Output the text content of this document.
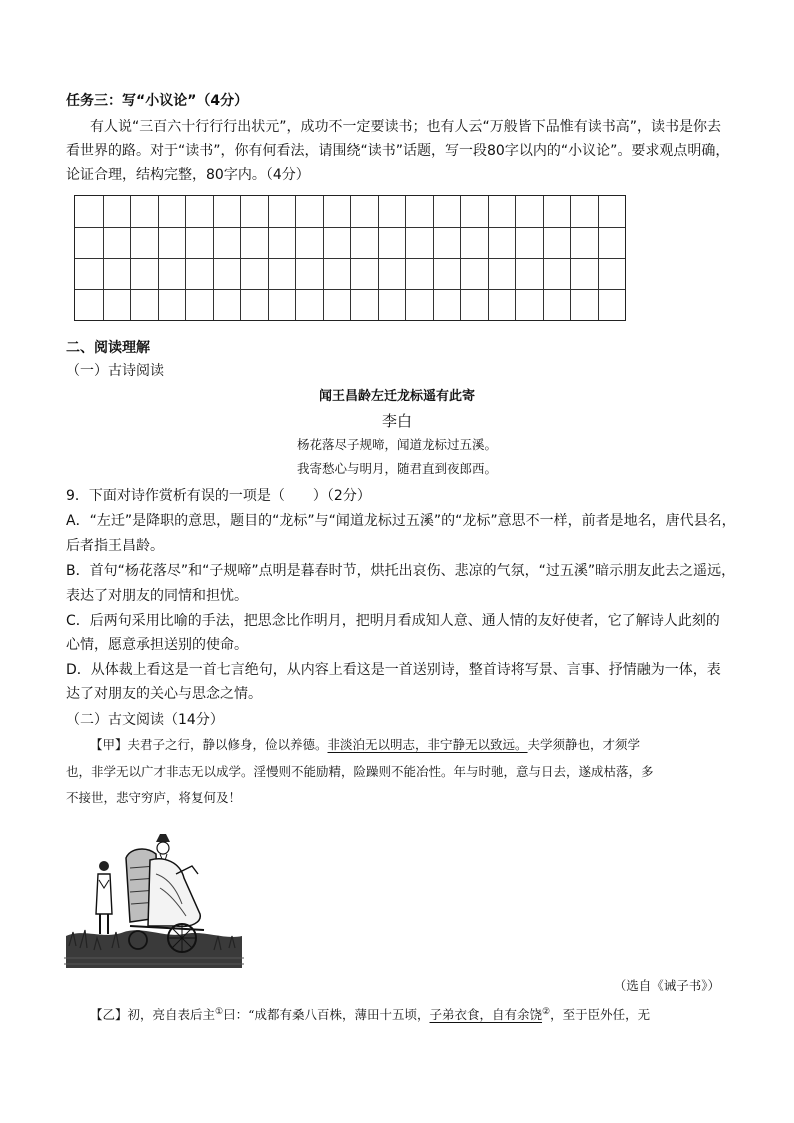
任务三：写“小议论”（4分）
有人说“三百六十行行行出状元”，成功不一定要读书；也有人云“万般皆下品惟有读书高”，读书是你去
看世界的路。对于“读书”，你有何看法，请围绕“读书”话题，写一段80字以内的“小议论”。要求观点明确，
论证合理，结构完整，80字内。（4分）
二、阅读理解
（一）古诗阅读
闻王昌龄左迁龙标遥有此寄
李白
杨花落尽子规啼，闻道龙标过五溪。
我寄愁心与明月，随君直到夜郎西。
9．下面对诗作赏析有误的一项是（　　）（2分）
A．“左迁”是降职的意思，题目的“龙标”与“闻道龙标过五溪”的“龙标”意思不一样，前者是地名，唐代县名，
后者指王昌龄。
B．首句“杨花落尽”和“子规啼”点明是暮春时节，烘托出哀伤、悲凉的气氛，“过五溪”暗示朋友此去之遥远，
表达了对朋友的同情和担忧。
C．后两句采用比喻的手法，把思念比作明月，把明月看成知人意、通人情的友好使者，它了解诗人此刻的
心情，愿意承担送别的使命。
D．从体裁上看这是一首七言绝句，从内容上看这是一首送别诗，整首诗将写景、言事、抒情融为一体，表
达了对朋友的关心与思念之情。
（二）古文阅读（14分）
【甲】夫君子之行，静以修身，俭以养德。非淡泊无以明志，非宁静无以致远。夫学须静也，才须学
也，非学无以广才非志无以成学。淫慢则不能励精，险躁则不能冶性。年与时驰，意与日去，遂成枯落，多
不接世，悲守穷庐，将复何及！
（选自《诫子书》）
【乙】初，亮自表后主①曰：“成都有桑八百株，薄田十五顷，子弟衣食，自有余饶②，至于臣外任，无
